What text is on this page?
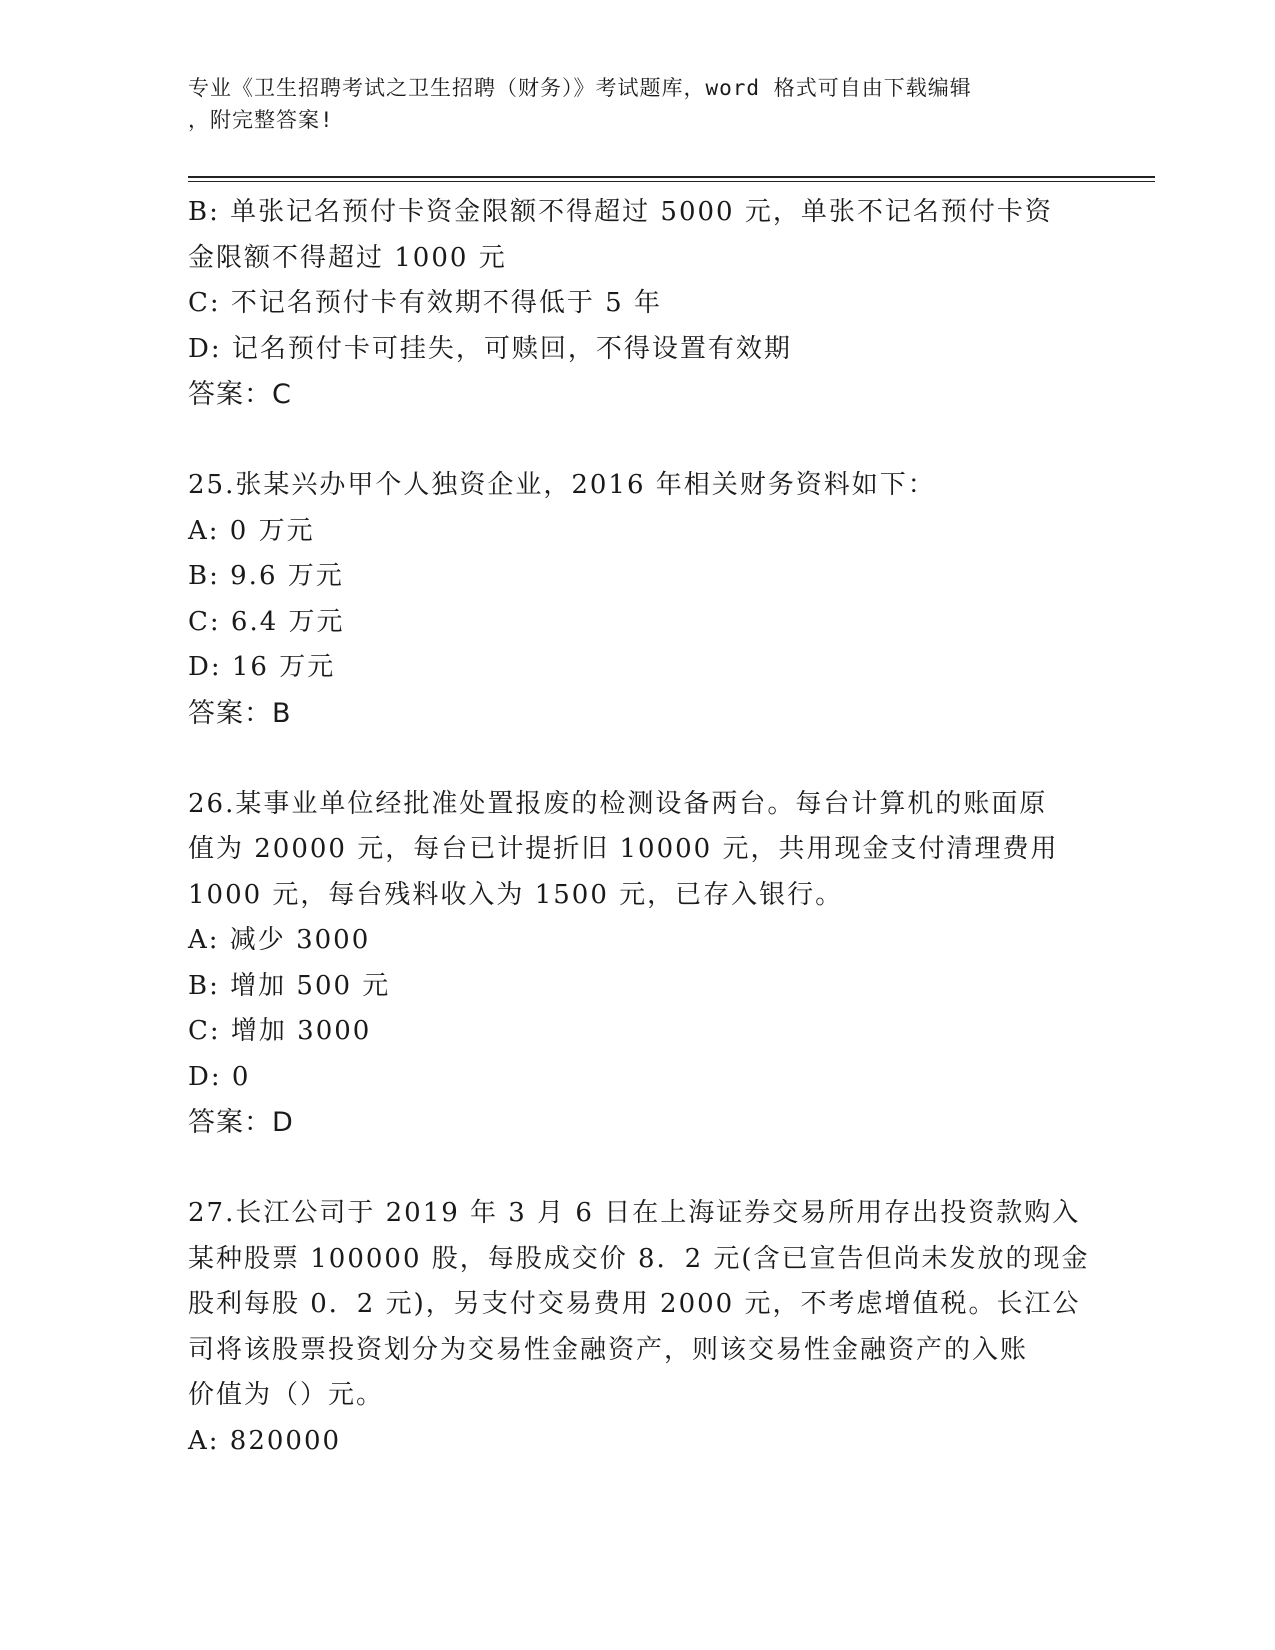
专业《卫生招聘考试之卫生招聘（财务）》考试题库，word 格式可自由下载编辑
，附完整答案!
B: 单张记名预付卡资金限额不得超过 5000 元，单张不记名预付卡资
金限额不得超过 1000 元
C: 不记名预付卡有效期不得低于 5 年
D: 记名预付卡可挂失，可赎回，不得设置有效期
答案：C
25.张某兴办甲个人独资企业，2016 年相关财务资料如下：
A: 0 万元
B: 9.6 万元
C: 6.4 万元
D: 16 万元
答案：B
26.某事业单位经批准处置报废的检测设备两台。每台计算机的账面原
值为 20000 元，每台已计提折旧 10000 元，共用现金支付清理费用
1000 元，每台残料收入为 1500 元，已存入银行。
A: 减少 3000
B: 增加 500 元
C: 增加 3000
D: 0
答案：D
27.长江公司于 2019 年 3 月 6 日在上海证券交易所用存出投资款购入
某种股票 100000 股，每股成交价 8．2 元(含已宣告但尚未发放的现金
股利每股 0．2 元)，另支付交易费用 2000 元，不考虑增值税。长江公
司将该股票投资划分为交易性金融资产，则该交易性金融资产的入账
价值为（）元。
A: 820000
